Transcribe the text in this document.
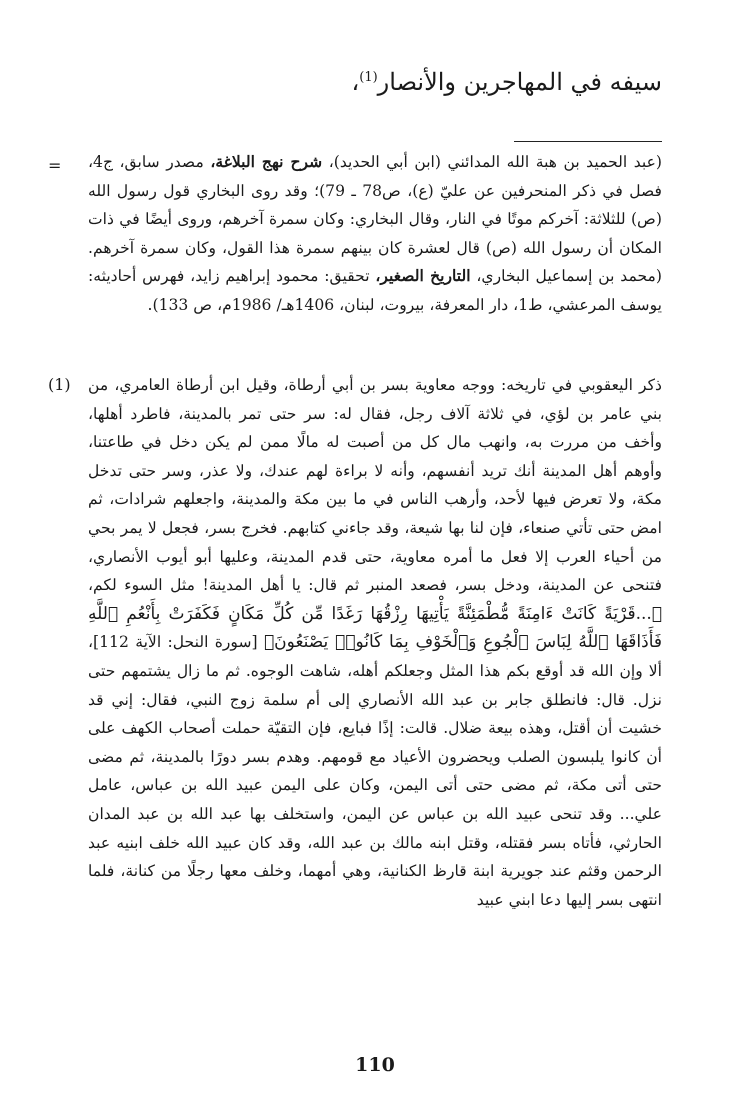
سيفه في المهاجرين والأنصار$^{(1)}$،
=	(عبد الحميد بن هبة الله المدائني (ابن أبي الحديد)، شرح نهج البلاغة، مصدر سابق، ج4، فصل في ذكر المنحرفين عن عليّ (ع)، ص78 ـ 79)؛ وقد روى البخاري قول رسول الله (ص) للثلاثة: آخركم موتًا في النار، وقال البخاري: وكان سمرة آخرهم، وروى أيضًا في ذات المكان أن رسول الله (ص) قال لعشرة كان بينهم سمرة هذا القول، وكان سمرة آخرهم. (محمد بن إسماعيل البخاري، التاريخ الصغير، تحقيق: محمود إبراهيم زايد، فهرس أحاديثه: يوسف المرعشي، ط1، دار المعرفة، بيروت، لبنان، 1406هـ/ 1986م، ص 133).

(1)	ذكر اليعقوبي في تاريخه: ووجه معاوية بسر بن أبي أرطاة، وقيل ابن أرطاة العامري، من بني عامر بن لؤي، في ثلاثة آلاف رجل، فقال له: سر حتى تمر بالمدينة، فاطرد أهلها، وأخف من مررت به، وانهب مال كل من أصبت له مالًا ممن لم يكن دخل في طاعتنا، وأوهم أهل المدينة أنك تريد أنفسهم، وأنه لا براءة لهم عندك، ولا عذر، وسر حتى تدخل مكة، ولا تعرض فيها لأحد، وأرهب الناس في ما بين مكة والمدينة، واجعلهم شرادات، ثم امض حتى تأتي صنعاء، فإن لنا بها شيعة، وقد جاءني كتابهم. فخرج بسر، فجعل لا يمر بحي من أحياء العرب إلا فعل ما أمره معاوية، حتى قدم المدينة، وعليها أبو أيوب الأنصاري، فتنحى عن المدينة، ودخل بسر، فصعد المنبر ثم قال: يا أهل المدينة! مثل السوء لكم، ﴿...قَرْيَةً كَانَتْ ءَامِنَةً مُّطْمَئِنَّةً يَأْتِيهَا رِزْقُهَا رَغَدًا مِّن كُلِّ مَكَانٍ فَكَفَرَتْ بِأَنْعُمِ ٱللَّهِ فَأَذَاقَهَا ٱللَّهُ لِبَاسَ ٱلْجُوعِ وَٱلْخَوْفِ بِمَا كَانُوا۟ يَصْنَعُونَ﴾ [سورة النحل: الآية 112]، ألا وإن الله قد أوقع بكم هذا المثل وجعلكم أهله، شاهت الوجوه. ثم ما زال يشتمهم حتى نزل. قال: فانطلق جابر بن عبد الله الأنصاري إلى أم سلمة زوج النبي، فقال: إني قد خشيت أن أقتل، وهذه بيعة ضلال. قالت: إذًا فبايع، فإن التقيّة حملت أصحاب الكهف على أن كانوا يلبسون الصلب ويحضرون الأعياد مع قومهم. وهدم بسر دورًا بالمدينة، ثم مضى حتى أتى مكة، ثم مضى حتى أتى اليمن، وكان على اليمن عبيد الله بن عباس، عامل علي... وقد تنحى عبيد الله بن عباس عن اليمن، واستخلف بها عبد الله بن عبد المدان الحارثي، فأتاه بسر فقتله، وقتل ابنه مالك بن عبد الله، وقد كان عبيد الله خلف ابنيه عبد الرحمن وقثم عند جويرية ابنة قارظ الكنانية، وهي أمهما، وخلف معها رجلًا من كنانة، فلما انتهى بسر إليها دعا ابني عبيد

110
